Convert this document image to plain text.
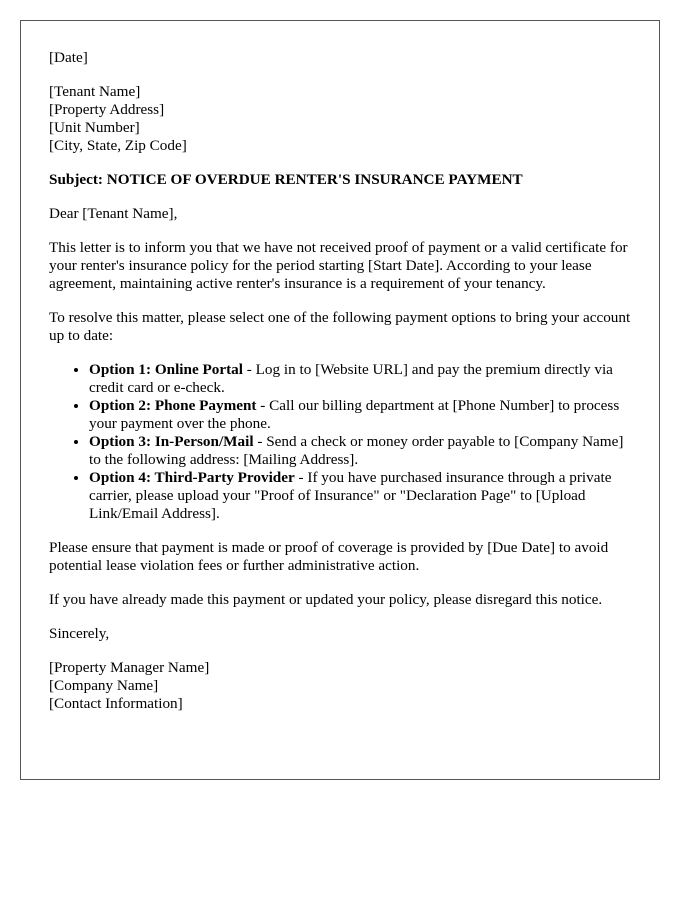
[Date]

[Tenant Name]
[Property Address]
[Unit Number]
[City, State, Zip Code]

Subject: NOTICE OF OVERDUE RENTER'S INSURANCE PAYMENT

Dear [Tenant Name],

This letter is to inform you that we have not received proof of payment or a valid certificate for your renter's insurance policy for the period starting [Start Date]. According to your lease agreement, maintaining active renter's insurance is a requirement of your tenancy.

To resolve this matter, please select one of the following payment options to bring your account up to date:

• Option 1: Online Portal - Log in to [Website URL] and pay the premium directly via credit card or e-check.
• Option 2: Phone Payment - Call our billing department at [Phone Number] to process your payment over the phone.
• Option 3: In-Person/Mail - Send a check or money order payable to [Company Name] to the following address: [Mailing Address].
• Option 4: Third-Party Provider - If you have purchased insurance through a private carrier, please upload your "Proof of Insurance" or "Declaration Page" to [Upload Link/Email Address].

Please ensure that payment is made or proof of coverage is provided by [Due Date] to avoid potential lease violation fees or further administrative action.

If you have already made this payment or updated your policy, please disregard this notice.

Sincerely,

[Property Manager Name]
[Company Name]
[Contact Information]
